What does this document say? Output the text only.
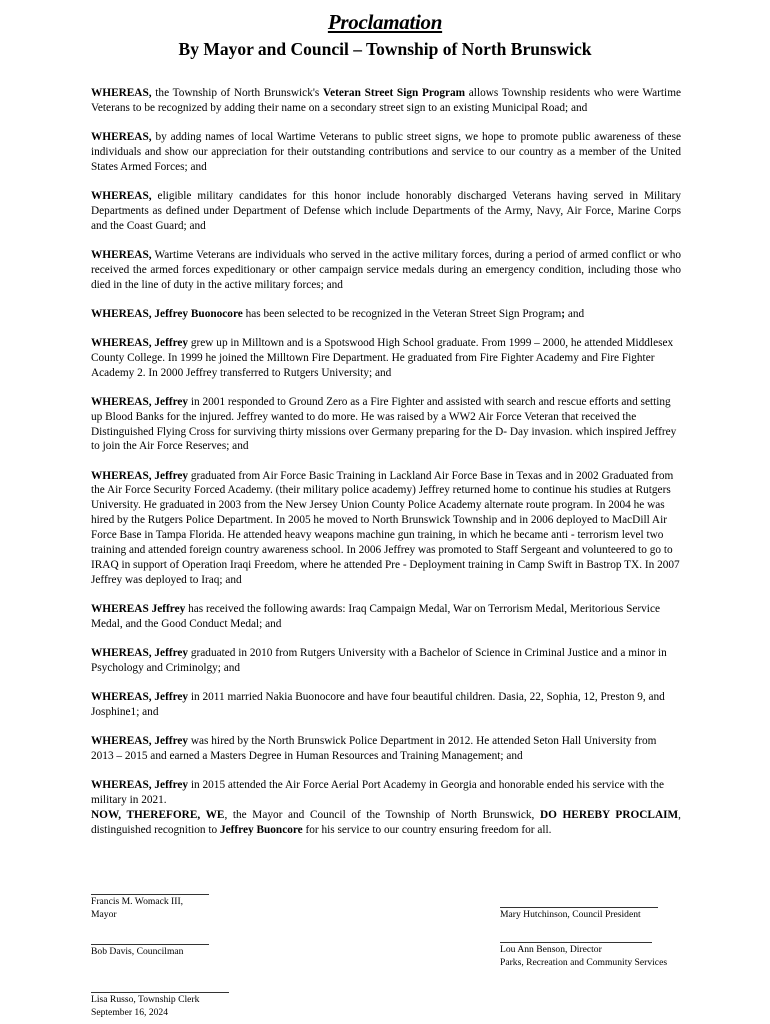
Proclamation
By Mayor and Council – Township of North Brunswick

WHEREAS, the Township of North Brunswick's Veteran Street Sign Program allows Township residents who were Wartime Veterans to be recognized by adding their name on a secondary street sign to an existing Municipal Road; and

WHEREAS, by adding names of local Wartime Veterans to public street signs, we hope to promote public awareness of these individuals and show our appreciation for their outstanding contributions and service to our country as a member of the United States Armed Forces; and

WHEREAS, eligible military candidates for this honor include honorably discharged Veterans having served in Military Departments as defined under Department of Defense which include Departments of the Army, Navy, Air Force, Marine Corps and the Coast Guard; and

WHEREAS, Wartime Veterans are individuals who served in the active military forces, during a period of armed conflict or who received the armed forces expeditionary or other campaign service medals during an emergency condition, including those who died in the line of duty in the active military forces; and

WHEREAS, Jeffrey Buonocore has been selected to be recognized in the Veteran Street Sign Program; and

WHEREAS, Jeffrey grew up in Milltown and is a Spotswood High School graduate. From 1999 – 2000, he attended Middlesex County College. In 1999 he joined the Milltown Fire Department. He graduated from Fire Fighter Academy and Fire Fighter Academy 2. In 2000 Jeffrey transferred to Rutgers University; and

WHEREAS, Jeffrey in 2001 responded to Ground Zero as a Fire Fighter and assisted with search and rescue efforts and setting up Blood Banks for the injured. Jeffrey wanted to do more. He was raised by a WW2 Air Force Veteran that received the Distinguished Flying Cross for surviving thirty missions over Germany preparing for the D- Day invasion. which inspired Jeffrey to join the Air Force Reserves; and

WHEREAS, Jeffrey graduated from Air Force Basic Training in Lackland Air Force Base in Texas and in 2002 Graduated from the Air Force Security Forced Academy. (their military police academy) Jeffrey returned home to continue his studies at Rutgers University. He graduated in 2003 from the New Jersey Union County Police Academy alternate route program. In 2004 he was hired by the Rutgers Police Department. In 2005 he moved to North Brunswick Township and in 2006 deployed to MacDill Air Force Base in Tampa Florida. He attended heavy weapons machine gun training, in which he became anti - terrorism level two training and attended foreign country awareness school. In 2006 Jeffrey was promoted to Staff Sergeant and volunteered to go to IRAQ in support of Operation Iraqi Freedom, where he attended Pre - Deployment training in Camp Swift in Bastrop TX. In 2007 Jeffrey was deployed to Iraq; and

WHEREAS Jeffrey has received the following awards: Iraq Campaign Medal, War on Terrorism Medal, Meritorious Service Medal, and the Good Conduct Medal; and

WHEREAS, Jeffrey graduated in 2010 from Rutgers University with a Bachelor of Science in Criminal Justice and a minor in Psychology and Criminolgy; and

WHEREAS, Jeffrey in 2011 married Nakia Buonocore and have four beautiful children. Dasia, 22, Sophia, 12, Preston 9, and Josphine1; and

WHEREAS, Jeffrey was hired by the North Brunswick Police Department in 2012. He attended Seton Hall University from 2013 – 2015 and earned a Masters Degree in Human Resources and Training Management; and

WHEREAS, Jeffrey in 2015 attended the Air Force Aerial Port Academy in Georgia and honorable ended his service with the military in 2021.

NOW, THEREFORE, WE, the Mayor and Council of the Township of North Brunswick, DO HEREBY PROCLAIM, distinguished recognition to Jeffrey Buoncore for his service to our country ensuring freedom for all.

Francis M. Womack III, Mayor	Mary Hutchinson, Council President
Bob Davis, Councilman	Lou Ann Benson, Director
Parks, Recreation and Community Services
Lisa Russo, Township Clerk
September 16, 2024
